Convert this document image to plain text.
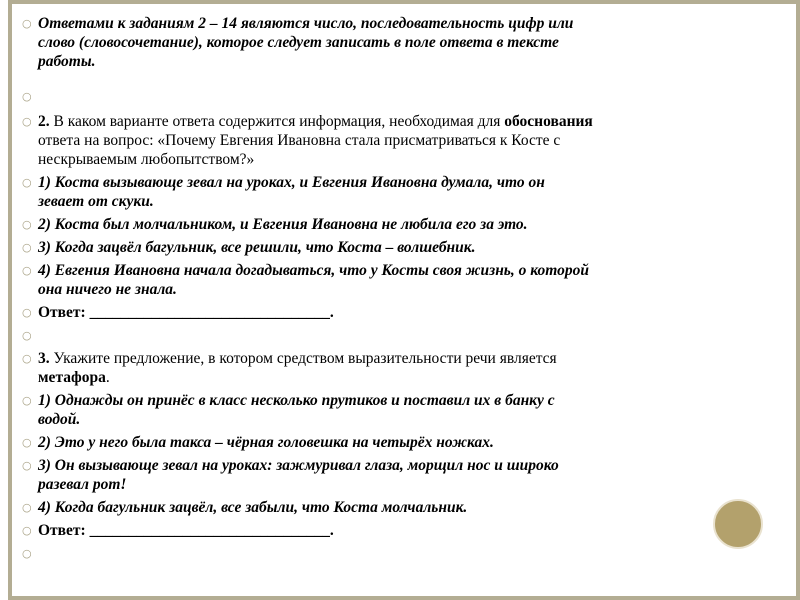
○ Ответами к заданиям 2 – 14 являются число, последовательность цифр или
слово (словосочетание), которое следует записать в поле ответа в тексте
работы.
○
○ 2. В каком варианте ответа содержится информация, необходимая для обоснования
ответа на вопрос: «Почему Евгения Ивановна стала присматриваться к Косте с
нескрываемым любопытством?»
○ 1) Коста вызывающе зевал на уроках, и Евгения Ивановна думала, что он
зевает от скуки.
○ 2) Коста был молчальником, и Евгения Ивановна не любила его за это.
○ 3) Когда зацвёл багульник, все решили, что Коста – волшебник.
○ 4) Евгения Ивановна начала догадываться, что у Косты своя жизнь, о которой
она ничего не знала.
○ Ответ: _______________________________.
○
○ 3. Укажите предложение, в котором средством выразительности речи является
метафора.
○ 1) Однажды он принёс в класс несколько прутиков и поставил их в банку с
водой.
○ 2) Это у него была такса – чёрная головешка на четырёх ножках.
○ 3) Он вызывающе зевал на уроках: зажмуривал глаза, морщил нос и широко
разевал рот!
○ 4) Когда багульник зацвёл, все забыли, что Коста молчальник.
○ Ответ: _______________________________.
○
